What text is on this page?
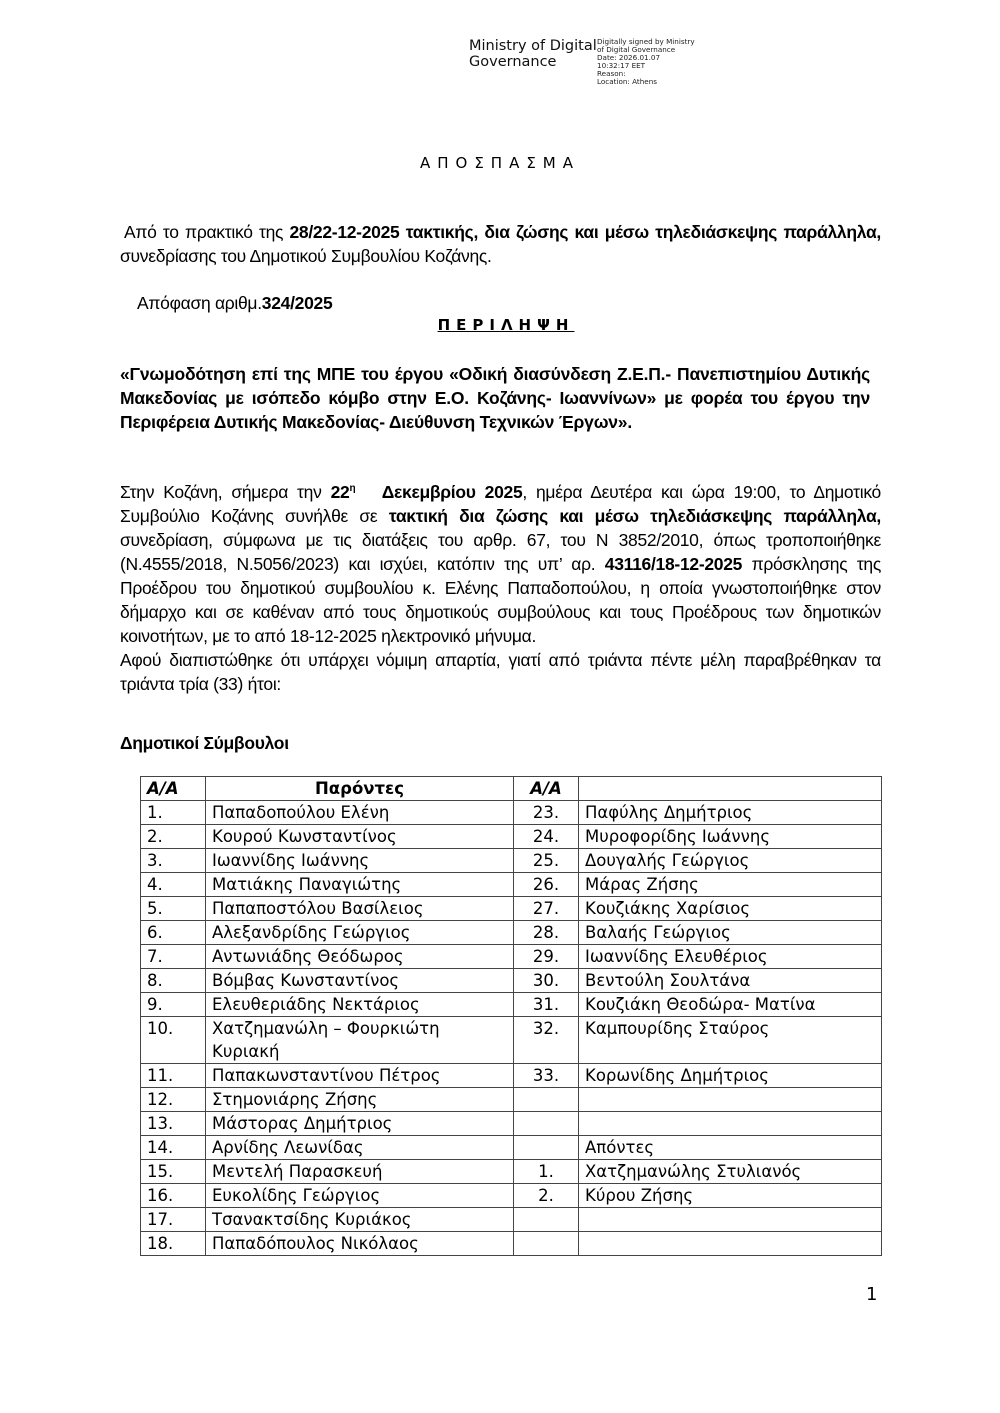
Ministry of Digital Governance
Digitally signed by Ministry
of Digital Governance
Date: 2026.01.07
10:32:17 EET
Reason:
Location: Athens
ΑΠΟΣΠΑΣΜΑ
Από το πρακτικό της 28/22-12-2025 τακτικής, δια ζώσης και μέσω τηλεδιάσκεψης παράλληλα, συνεδρίασης του Δημοτικού Συμβουλίου Κοζάνης.
Απόφαση αριθμ.324/2025
ΠΕΡΙΛΗΨΗ
«Γνωμοδότηση επί της ΜΠΕ του έργου «Οδική διασύνδεση Ζ.Ε.Π.- Πανεπιστημίου Δυτικής Μακεδονίας με ισόπεδο κόμβο στην Ε.Ο. Κοζάνης- Ιωαννίνων» με φορέα του έργου την Περιφέρεια Δυτικής Μακεδονίας- Διεύθυνση Τεχνικών Έργων».
Στην Κοζάνη, σήμερα την $22^\eta$ Δεκεμβρίου 2025, ημέρα Δευτέρα και ώρα 19:00, το Δημοτικό Συμβούλιο Κοζάνης συνήλθε σε τακτική δια ζώσης και μέσω τηλεδιάσκεψης παράλληλα, συνεδρίαση, σύμφωνα με τις διατάξεις του αρθρ. 67, του Ν 3852/2010, όπως τροποποιήθηκε (Ν.4555/2018, Ν.5056/2023) και ισχύει, κατόπιν της υπ’ αρ. 43116/18-12-2025 πρόσκλησης της Προέδρου του δημοτικού συμβουλίου κ. Ελένης Παπαδοπούλου, η οποία γνωστοποιήθηκε στον δήμαρχο και σε καθέναν από τους δημοτικούς συμβούλους και τους Προέδρους των δημοτικών κοινοτήτων, με το από 18-12-2025 ηλεκτρονικό μήνυμα.
Αφού διαπιστώθηκε ότι υπάρχει νόμιμη απαρτία, γιατί από τριάντα πέντε μέλη παραβρέθηκαν τα τριάντα τρία (33) ήτοι:
Δημοτικοί Σύμβουλοι
Α/Α	Παρόντες	Α/Α	
1.	Παπαδοπούλου Ελένη	23.	Παφύλης Δημήτριος
2.	Κουρού Κωνσταντίνος	24.	Μυροφορίδης Ιωάννης
3.	Ιωαννίδης Ιωάννης	25.	Δουγαλής Γεώργιος
4.	Ματιάκης Παναγιώτης	26.	Μάρας Ζήσης
5.	Παπαποστόλου Βασίλειος	27.	Κουζιάκης Χαρίσιος
6.	Αλεξανδρίδης Γεώργιος	28.	Βαλαής Γεώργιος
7.	Αντωνιάδης Θεόδωρος	29.	Ιωαννίδης Ελευθέριος
8.	Βόμβας Κωνσταντίνος	30.	Βεντούλη Σουλτάνα
9.	Ελευθεριάδης Νεκτάριος	31.	Κουζιάκη Θεοδώρα- Ματίνα
10.	Χατζημανώλη – Φουρκιώτη Κυριακή	32.	Καμπουρίδης Σταύρος
11.	Παπακωνσταντίνου Πέτρος	33.	Κορωνίδης Δημήτριος
12.	Στημονιάρης Ζήσης		
13.	Μάστορας Δημήτριος		
14.	Αρνίδης Λεωνίδας		Απόντες
15.	Μεντελή Παρασκευή	1.	Χατζημανώλης Στυλιανός
16.	Ευκολίδης Γεώργιος	2.	Κύρου Ζήσης
17.	Τσανακτσίδης Κυριάκος		
18.	Παπαδόπουλος Νικόλαος		
1
